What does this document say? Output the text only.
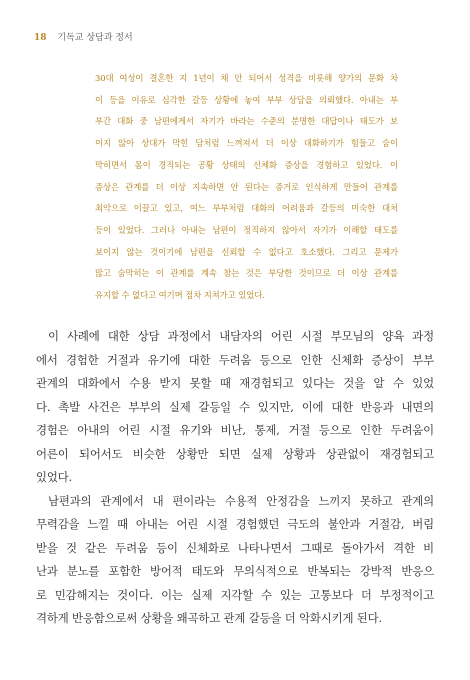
18 기독교 상담과 정서

30대 여성이 결혼한 지 1년이 채 안 되어서 성격을 비롯해 양가의 문화 차

이 등을 이유로 심각한 갈등 상황에 놓여 부부 상담을 의뢰했다. 아내는 부

부간 대화 중 남편에게서 자기가 바라는 수준의 분명한 대답이나 태도가 보

이지 않아 상대가 막힌 담처럼 느껴져서 더 이상 대화하기가 힘들고 숨이

막히면서 몸이 경직되는 공황 상태의 신체화 증상을 경험하고 있었다. 이

증상은 관계를 더 이상 지속하면 안 된다는 증거로 인식하게 만들어 관계를

최악으로 이끌고 있고, 여느 부부처럼 대화의 어려움과 갈등의 미숙한 대처

등이 있었다. 그러나 아내는 남편이 정직하지 않아서 자기가 이해할 태도를

보이지 않는 것이기에 남편을 신뢰할 수 없다고 호소했다. 그리고 문제가

많고 숨막히는 이 관계를 계속 참는 것은 부당한 것이므로 더 이상 관계를

유지할 수 없다고 여기며 점차 지쳐가고 있었다.

이 사례에 대한 상담 과정에서 내담자의 어린 시절 부모님의 양육 과정

에서 경험한 거절과 유기에 대한 두려움 등으로 인한 신체화 증상이 부부

관계의 대화에서 수용 받지 못할 때 재경험되고 있다는 것을 알 수 있었

다. 촉발 사건은 부부의 실제 갈등일 수 있지만, 이에 대한 반응과 내면의

경험은 아내의 어린 시절 유기와 비난, 통제, 거절 등으로 인한 두려움이

어른이 되어서도 비슷한 상황만 되면 실제 상황과 상관없이 재경험되고

있었다.

남편과의 관계에서 내 편이라는 수용적 안정감을 느끼지 못하고 관계의

무력감을 느낄 때 아내는 어린 시절 경험했던 극도의 불안과 거절감, 버림

받을 것 같은 두려움 등이 신체화로 나타나면서 그때로 돌아가서 격한 비

난과 분노를 포함한 방어적 태도와 무의식적으로 반복되는 강박적 반응으

로 민감해지는 것이다. 이는 실제 지각할 수 있는 고통보다 더 부정적이고

격하게 반응함으로써 상황을 왜곡하고 관계 갈등을 더 악화시키게 된다.
